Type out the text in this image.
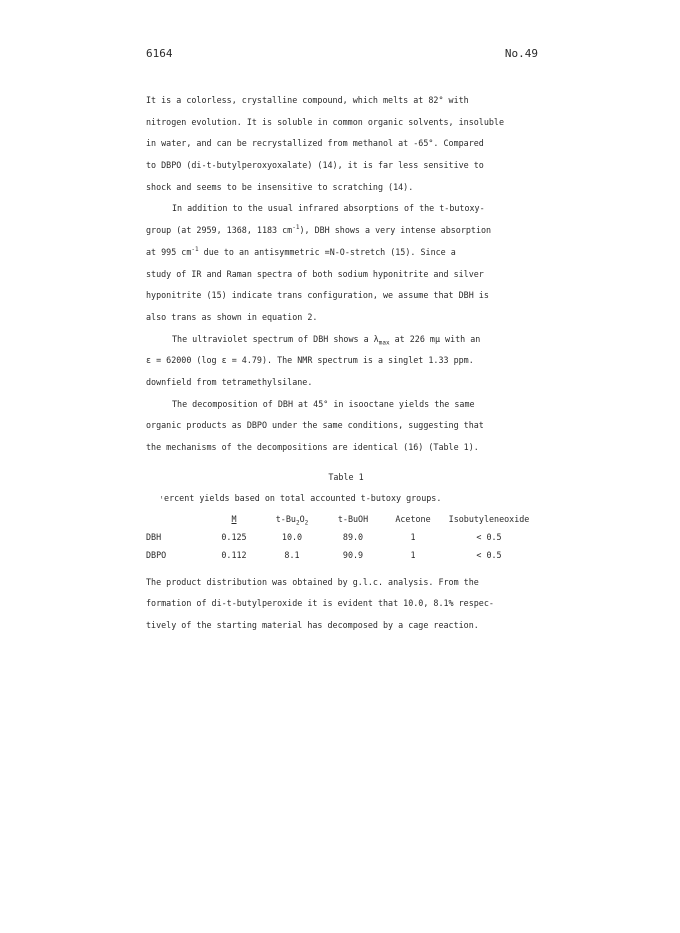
6164	No.49
It is a colorless, crystalline compound, which melts at 82° with
nitrogen evolution. It is soluble in common organic solvents, insoluble
in water, and can be recrystallized from methanol at -65°. Compared
to DBPO (di-t-butylperoxyoxalate) (14), it is far less sensitive to
shock and seems to be insensitive to scratching (14).
In addition to the usual infrared absorptions of the t-butoxy-
group (at 2959, 1368, 1183 $cm^{-1}$), DBH shows a very intense absorption
at 995 $cm^{-1}$ due to an antisymmetric =N-O-stretch (15). Since a
study of IR and Raman spectra of both sodium hyponitrite and silver
hyponitrite (15) indicate trans configuration, we assume that DBH is
also trans as shown in equation 2.
The ultraviolet spectrum of DBH shows a $\lambda_{max}$ at 226 mμ with an
ε = 62000 (log ε = 4.79). The NMR spectrum is a singlet 1.33 ppm.
downfield from tetramethylsilane.
The decomposition of DBH at 45° in isooctane yields the same
organic products as DBPO under the same conditions, suggesting that
the mechanisms of the decompositions are identical (16) (Table 1).
Table 1
˓ercent yields based on total accounted t-butoxy groups.
	M	$t-Bu_2O_2$	t-BuOH	Acetone	Isobutyleneoxide
DBH	0.125	10.0	89.0	1	< 0.5
DBPO	0.112	8.1	90.9	1	< 0.5
The product distribution was obtained by g.l.c. analysis. From the
formation of di-t-butylperoxide it is evident that 10.0, 8.1% respec-
tively of the starting material has decomposed by a cage reaction.
